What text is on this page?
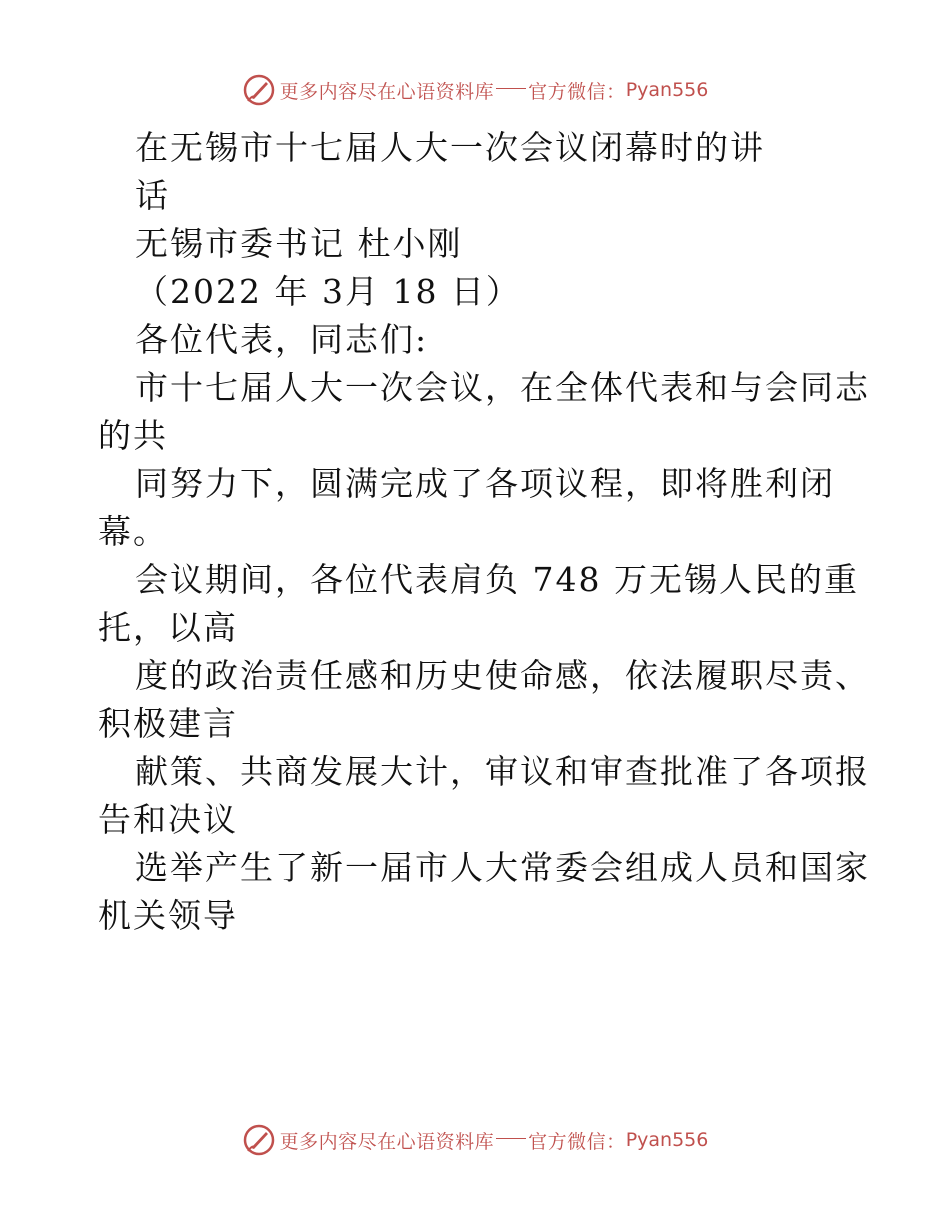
更多内容尽在心语资料库 官方微信： Pyan556
在无锡市十七届人大一次会议闭幕时的讲
话
无锡市委书记 杜小刚
（2022 年 3月 18 日）
各位代表，同志们:
市十七届人大一次会议，在全体代表和与会同志
的共
同努力下，圆满完成了各项议程，即将胜利闭
幕。
会议期间，各位代表肩负 748 万无锡人民的重
托，以高
度的政治责任感和历史使命感，依法履职尽责、
积极建言
献策、共商发展大计，审议和审查批准了各项报
告和决议
选举产生了新一届市人大常委会组成人员和国家
机关领导
更多内容尽在心语资料库 官方微信： Pyan556
